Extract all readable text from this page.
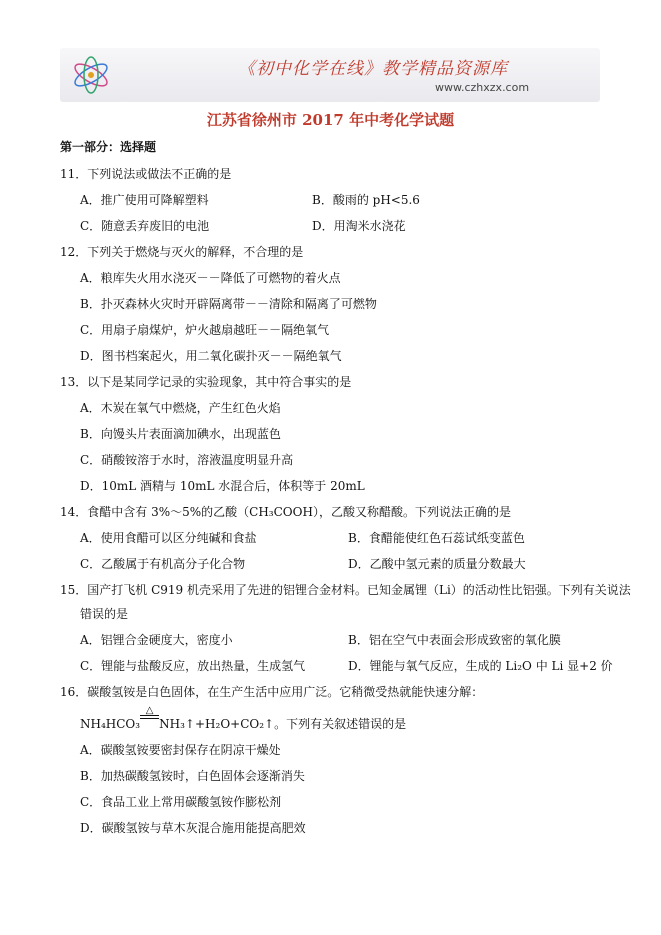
《初中化学在线》教学精品资源库
www.czhxzx.com
江苏省徐州市 2017 年中考化学试题
第一部分：选择题
11．下列说法或做法不正确的是
A．推广使用可降解塑料	B．酸雨的 pH<5.6
C．随意丢弃废旧的电池	D．用淘米水浇花
12．下列关于燃烧与灭火的解释，不合理的是
A．粮库失火用水浇灭－－降低了可燃物的着火点
B．扑灭森林火灾时开辟隔离带－－清除和隔离了可燃物
C．用扇子扇煤炉，炉火越扇越旺－－隔绝氧气
D．图书档案起火，用二氧化碳扑灭－－隔绝氧气
13．以下是某同学记录的实验现象，其中符合事实的是
A．木炭在氧气中燃烧，产生红色火焰
B．向馒头片表面滴加碘水，出现蓝色
C．硝酸铵溶于水时，溶液温度明显升高
D．10mL 酒精与 10mL 水混合后，体积等于 20mL
14．食醋中含有 3%～5%的乙酸（CH₃COOH），乙酸又称醋酸。下列说法正确的是
A．使用食醋可以区分纯碱和食盐	B．食醋能使红色石蕊试纸变蓝色
C．乙酸属于有机高分子化合物	D．乙酸中氢元素的质量分数最大
15．国产打飞机 C919 机壳采用了先进的铝锂合金材料。已知金属锂（Li）的活动性比铝强。下列有关说法
错误的是
A．铝锂合金硬度大，密度小	B．铝在空气中表面会形成致密的氧化膜
C．锂能与盐酸反应，放出热量，生成氢气	D．锂能与氧气反应，生成的 Li₂O 中 Li 显+2 价
16．碳酸氢铵是白色固体，在生产生活中应用广泛。它稍微受热就能快速分解：
NH₄HCO₃
△
NH₃↑+H₂O+CO₂↑。下列有关叙述错误的是
A．碳酸氢铵要密封保存在阴凉干燥处
B．加热碳酸氢铵时，白色固体会逐渐消失
C．食品工业上常用碳酸氢铵作膨松剂
D．碳酸氢铵与草木灰混合施用能提高肥效
